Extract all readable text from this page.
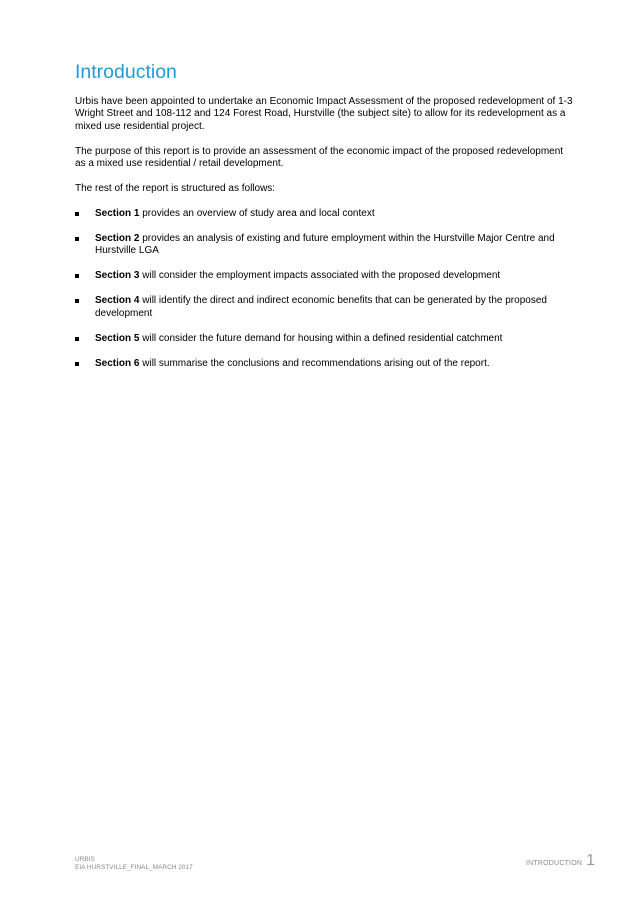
Introduction

Urbis have been appointed to undertake an Economic Impact Assessment of the proposed redevelopment of 1-3 Wright Street and 108-112 and 124 Forest Road, Hurstville (the subject site) to allow for its redevelopment as a mixed use residential project.

The purpose of this report is to provide an assessment of the economic impact of the proposed redevelopment as a mixed use residential / retail development.

The rest of the report is structured as follows:

Section 1 provides an overview of study area and local context
Section 2 provides an analysis of existing and future employment within the Hurstville Major Centre and Hurstville LGA
Section 3 will consider the employment impacts associated with the proposed development
Section 4 will identify the direct and indirect economic benefits that can be generated by the proposed development
Section 5 will consider the future demand for housing within a defined residential catchment
Section 6 will summarise the conclusions and recommendations arising out of the report.
URBIS
EIA HURSTVILLE_FINAL_MARCH 2017
INTRODUCTION 1
